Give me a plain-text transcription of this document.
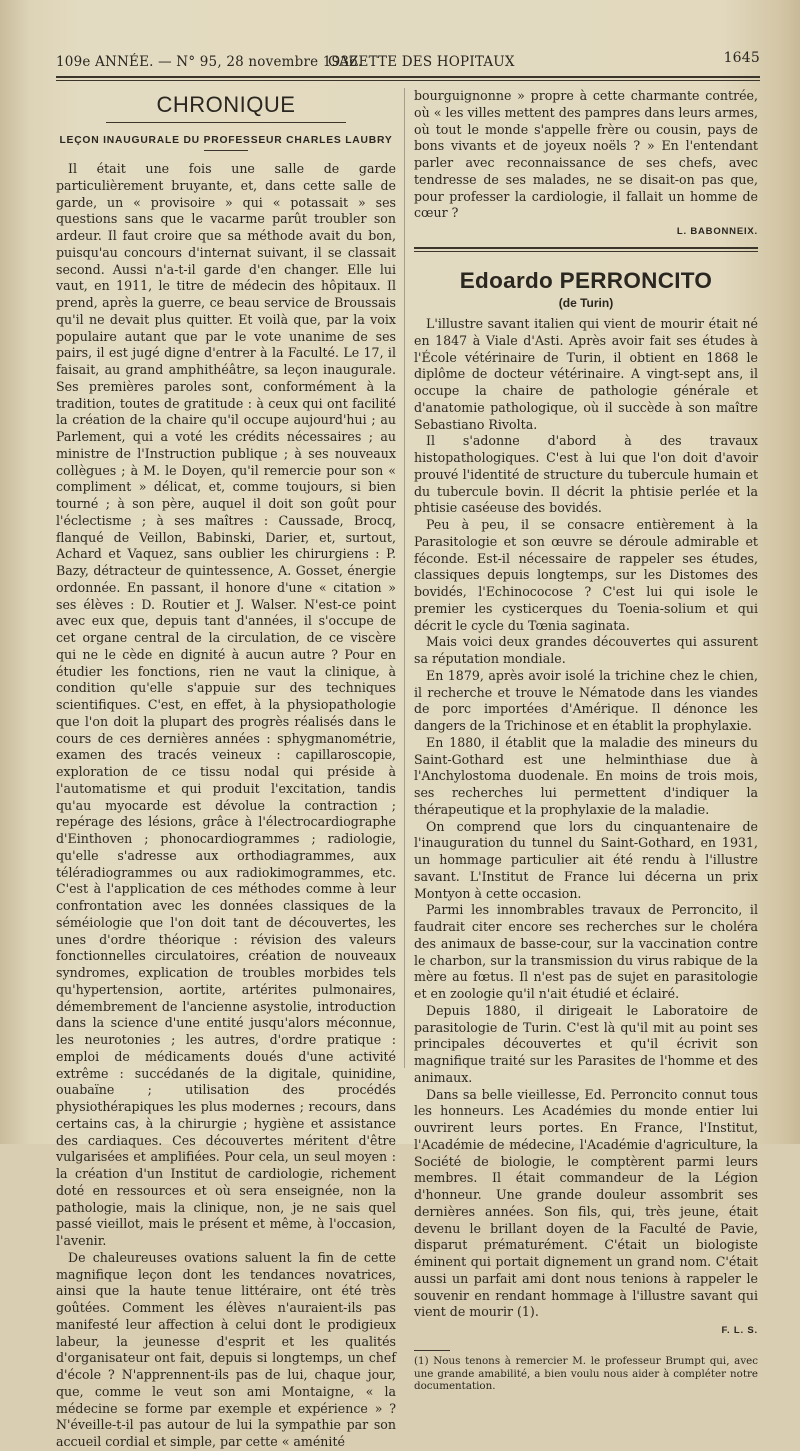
109e ANNÉE. — N° 95, 28 novembre 1936.
GAZETTE DES HOPITAUX	1645
CHRONIQUE
LEÇON INAUGURALE DU PROFESSEUR CHARLES LAUBRY

Il était une fois une salle de garde particulièrement bruyante, et, dans cette salle de garde, un « provisoire » qui « potassait » ses questions sans que le vacarme parût troubler son ardeur. Il faut croire que sa méthode avait du bon, puisqu'au concours d'internat suivant, il se classait second. Aussi n'a-t-il garde d'en changer. Elle lui vaut, en 1911, le titre de médecin des hôpitaux. Il prend, après la guerre, ce beau service de Broussais qu'il ne devait plus quitter. Et voilà que, par la voix populaire autant que par le vote unanime de ses pairs, il est jugé digne d'entrer à la Faculté. Le 17, il faisait, au grand amphithéâtre, sa leçon inaugurale. Ses premières paroles sont, conformément à la tradition, toutes de gratitude : à ceux qui ont facilité la création de la chaire qu'il occupe aujourd'hui ; au Parlement, qui a voté les crédits nécessaires ; au ministre de l'Instruction publique ; à ses nouveaux collègues ; à M. le Doyen, qu'il remercie pour son « compliment » délicat, et, comme toujours, si bien tourné ; à son père, auquel il doit son goût pour l'éclectisme ; à ses maîtres : Caussade, Brocq, flanqué de Veillon, Babinski, Darier, et, surtout, Achard et Vaquez, sans oublier les chirurgiens : P. Bazy, détracteur de quintessence, A. Gosset, énergie ordonnée. En passant, il honore d'une « citation » ses élèves : D. Routier et J. Walser. N'est-ce point avec eux que, depuis tant d'années, il s'occupe de cet organe central de la circulation, de ce viscère qui ne le cède en dignité à aucun autre ? Pour en étudier les fonctions, rien ne vaut la clinique, à condition qu'elle s'appuie sur des techniques scientifiques. C'est, en effet, à la physiopathologie que l'on doit la plupart des progrès réalisés dans le cours de ces dernières années : sphygmanométrie, examen des tracés veineux : capillaroscopie, exploration de ce tissu nodal qui préside à l'automatisme et qui produit l'excitation, tandis qu'au myocarde est dévolue la contraction ; repérage des lésions, grâce à l'électrocardiographe d'Einthoven ; phonocardiogrammes ; radiologie, qu'elle s'adresse aux orthodiagrammes, aux téléradiogrammes ou aux radiokimogrammes, etc. C'est à l'application de ces méthodes comme à leur confrontation avec les données classiques de la séméiologie que l'on doit tant de découvertes, les unes d'ordre théorique : révision des valeurs fonctionnelles circulatoires, création de nouveaux syndromes, explication de troubles morbides tels qu'hypertension, aortite, artérites pulmonaires, démembrement de l'ancienne asystolie, introduction dans la science d'une entité jusqu'alors méconnue, les neurotonies ; les autres, d'ordre pratique : emploi de médicaments doués d'une activité extrême : succédanés de la digitale, quinidine, ouabaïne ; utilisation des procédés physiothérapiques les plus modernes ; recours, dans certains cas, à la chirurgie ; hygiène et assistance des cardiaques. Ces découvertes méritent d'être vulgarisées et amplifiées. Pour cela, un seul moyen : la création d'un Institut de cardiologie, richement doté en ressources et où sera enseignée, non la pathologie, mais la clinique, non, je ne sais quel passé vieillot, mais le présent et même, à l'occasion, l'avenir.

De chaleureuses ovations saluent la fin de cette magnifique leçon dont les tendances novatrices, ainsi que la haute tenue littéraire, ont été très goûtées. Comment les élèves n'auraient-ils pas manifesté leur affection à celui dont le prodigieux labeur, la jeunesse d'esprit et les qualités d'organisateur ont fait, depuis si longtemps, un chef d'école ? N'apprennent-ils pas de lui, chaque jour, que, comme le veut son ami Montaigne, « la médecine se forme par exemple et expérience » ? N'éveille-t-il pas autour de lui la sympathie par son accueil cordial et simple, par cette « aménité

bourguignonne » propre à cette charmante contrée, où « les villes mettent des pampres dans leurs armes, où tout le monde s'appelle frère ou cousin, pays de bons vivants et de joyeux noëls ? » En l'entendant parler avec reconnaissance de ses chefs, avec tendresse de ses malades, ne se disait-on pas que, pour professer la cardiologie, il fallait un homme de cœur ?

L. BABONNEIX.
Edoardo PERRONCITO
(de Turin)

L'illustre savant italien qui vient de mourir était né en 1847 à Viale d'Asti. Après avoir fait ses études à l'École vétérinaire de Turin, il obtient en 1868 le diplôme de docteur vétérinaire. A vingt-sept ans, il occupe la chaire de pathologie générale et d'anatomie pathologique, où il succède à son maître Sebastiano Rivolta.

Il s'adonne d'abord à des travaux histopathologiques. C'est à lui que l'on doit d'avoir prouvé l'identité de structure du tubercule humain et du tubercule bovin. Il décrit la phtisie perlée et la phtisie caséeuse des bovidés.

Peu à peu, il se consacre entièrement à la Parasitologie et son œuvre se déroule admirable et féconde. Est-il nécessaire de rappeler ses études, classiques depuis longtemps, sur les Distomes des bovidés, l'Echinococose ? C'est lui qui isole le premier les cysticerques du Toenia-solium et qui décrit le cycle du Tœnia saginata.

Mais voici deux grandes découvertes qui assurent sa réputation mondiale.

En 1879, après avoir isolé la trichine chez le chien, il recherche et trouve le Nématode dans les viandes de porc importées d'Amérique. Il dénonce les dangers de la Trichinose et en établit la prophylaxie.

En 1880, il établit que la maladie des mineurs du Saint-Gothard est une helminthiase due à l'Anchylostoma duodenale. En moins de trois mois, ses recherches lui permettent d'indiquer la thérapeutique et la prophylaxie de la maladie.

On comprend que lors du cinquantenaire de l'inauguration du tunnel du Saint-Gothard, en 1931, un hommage particulier ait été rendu à l'illustre savant. L'Institut de France lui décerna un prix Montyon à cette occasion.

Parmi les innombrables travaux de Perroncito, il faudrait citer encore ses recherches sur le choléra des animaux de basse-cour, sur la vaccination contre le charbon, sur la transmission du virus rabique de la mère au fœtus. Il n'est pas de sujet en parasitologie et en zoologie qu'il n'ait étudié et éclairé.

Depuis 1880, il dirigeait le Laboratoire de parasitologie de Turin. C'est là qu'il mit au point ses principales découvertes et qu'il écrivit son magnifique traité sur les Parasites de l'homme et des animaux.

Dans sa belle vieillesse, Ed. Perroncito connut tous les honneurs. Les Académies du monde entier lui ouvrirent leurs portes. En France, l'Institut, l'Académie de médecine, l'Académie d'agriculture, la Société de biologie, le comptèrent parmi leurs membres. Il était commandeur de la Légion d'honneur. Une grande douleur assombrit ses dernières années. Son fils, qui, très jeune, était devenu le brillant doyen de la Faculté de Pavie, disparut prématurément. C'était un biologiste éminent qui portait dignement un grand nom. C'était aussi un parfait ami dont nous tenions à rappeler le souvenir en rendant hommage à l'illustre savant qui vient de mourir (1).

F. L. S.
(1) Nous tenons à remercier M. le professeur Brumpt qui, avec une grande amabilité, a bien voulu nous aider à compléter notre documentation.
